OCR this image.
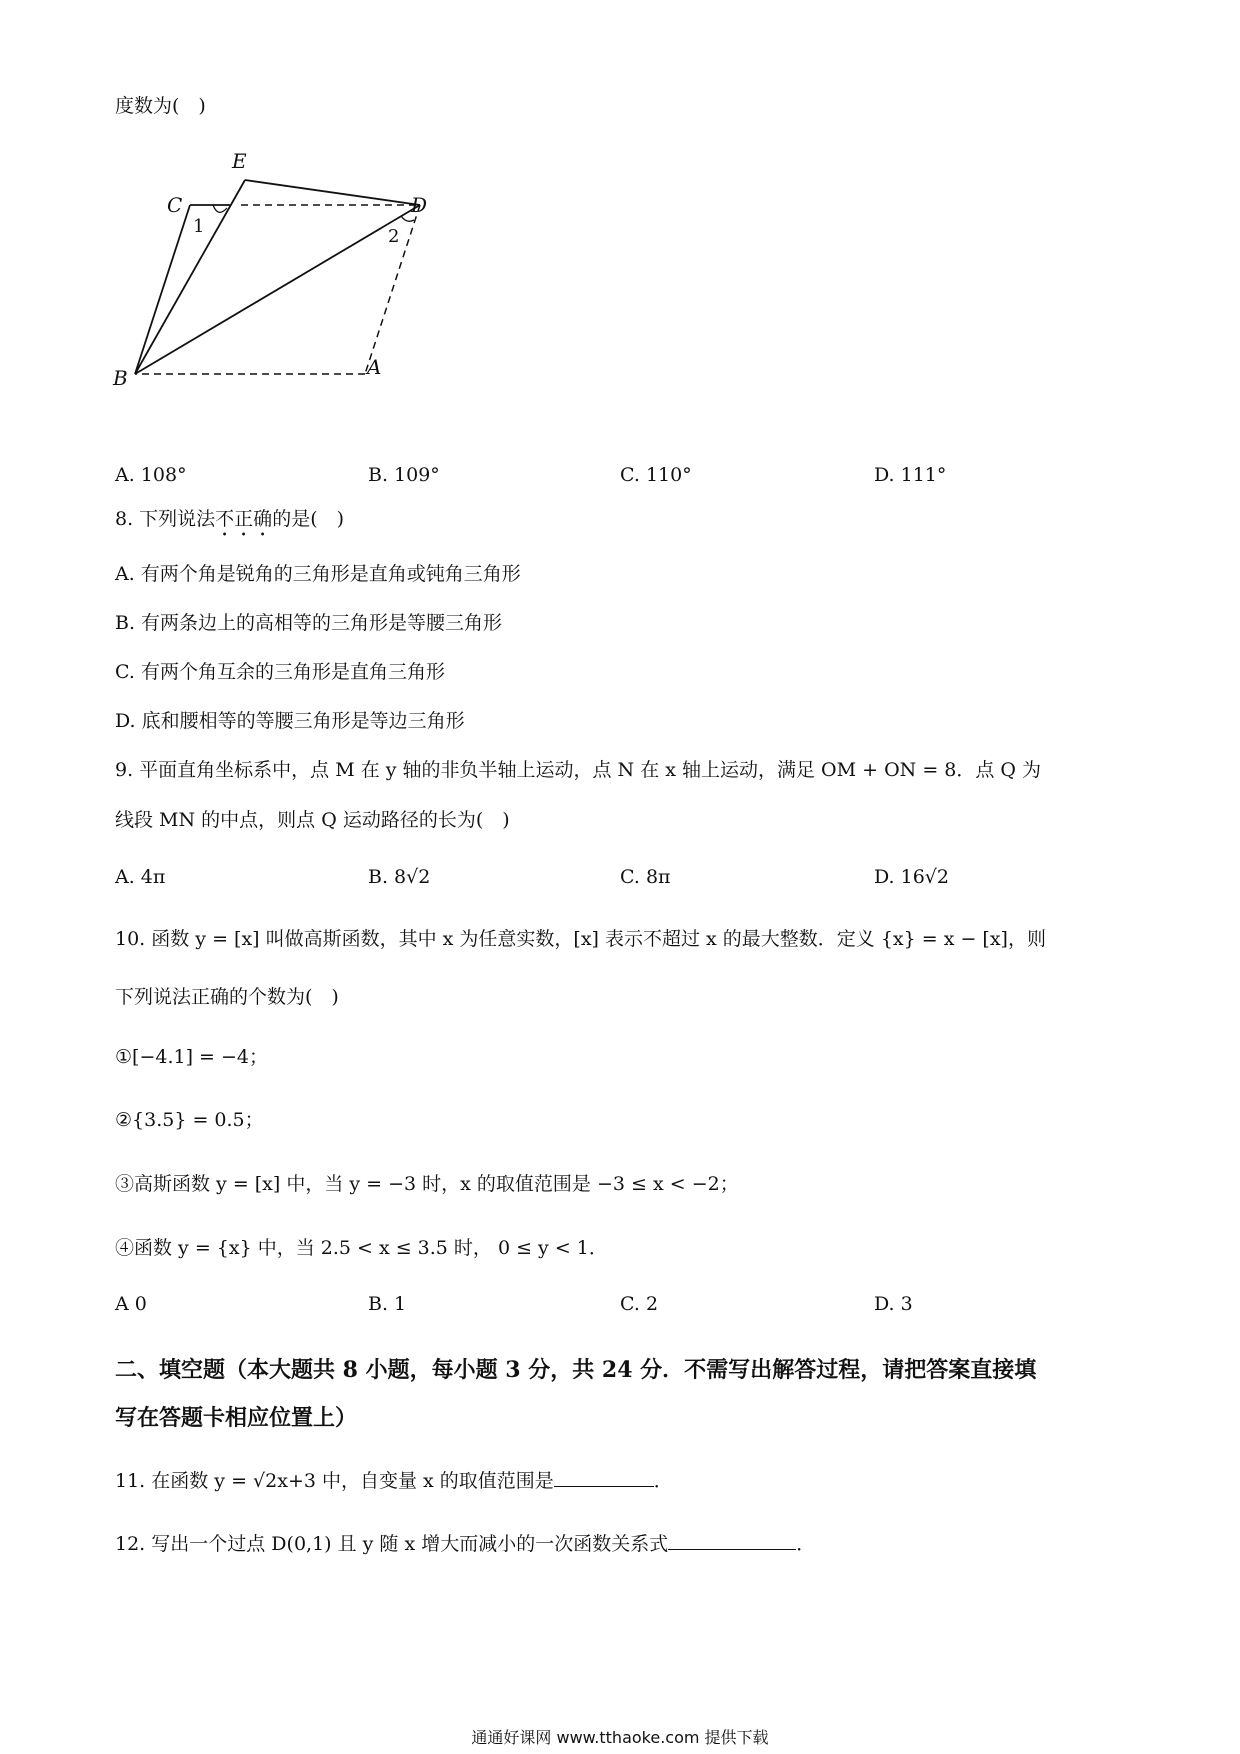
度数为(　)
E
C	D
B	A
1	2
A. 108°	B. 109°	C. 110°	D. 111°
8. 下列说法不正确的是(　)
A. 有两个角是锐角的三角形是直角或钝角三角形
B. 有两条边上的高相等的三角形是等腰三角形
C. 有两个角互余的三角形是直角三角形
D. 底和腰相等的等腰三角形是等边三角形
9. 平面直角坐标系中，点 M 在 y 轴的非负半轴上运动，点 N 在 x 轴上运动，满足 OM + ON = 8．点 Q 为
线段 MN 的中点，则点 Q 运动路径的长为(　)
A. 4π	B. 8√2	C. 8π	D. 16√2
10. 函数 y = [x] 叫做高斯函数，其中 x 为任意实数，[x] 表示不超过 x 的最大整数．定义 {x} = x − [x]，则
下列说法正确的个数为(　)
①[−4.1] = −4；
②{3.5} = 0.5；
③高斯函数 y = [x] 中，当 y = −3 时，x 的取值范围是 −3 ≤ x < −2；
④函数 y = {x} 中，当 2.5 < x ≤ 3.5 时， 0 ≤ y < 1．
A 0	B. 1	C. 2	D. 3
二、填空题（本大题共 8 小题，每小题 3 分，共 24 分．不需写出解答过程，请把答案直接填
写在答题卡相应位置上）
11. 在函数 y = √2x+3 中，自变量 x 的取值范围是	．
12. 写出一个过点 D(0,1) 且 y 随 x 增大而减小的一次函数关系式	．
通通好课网 www.tthaoke.com 提供下载
